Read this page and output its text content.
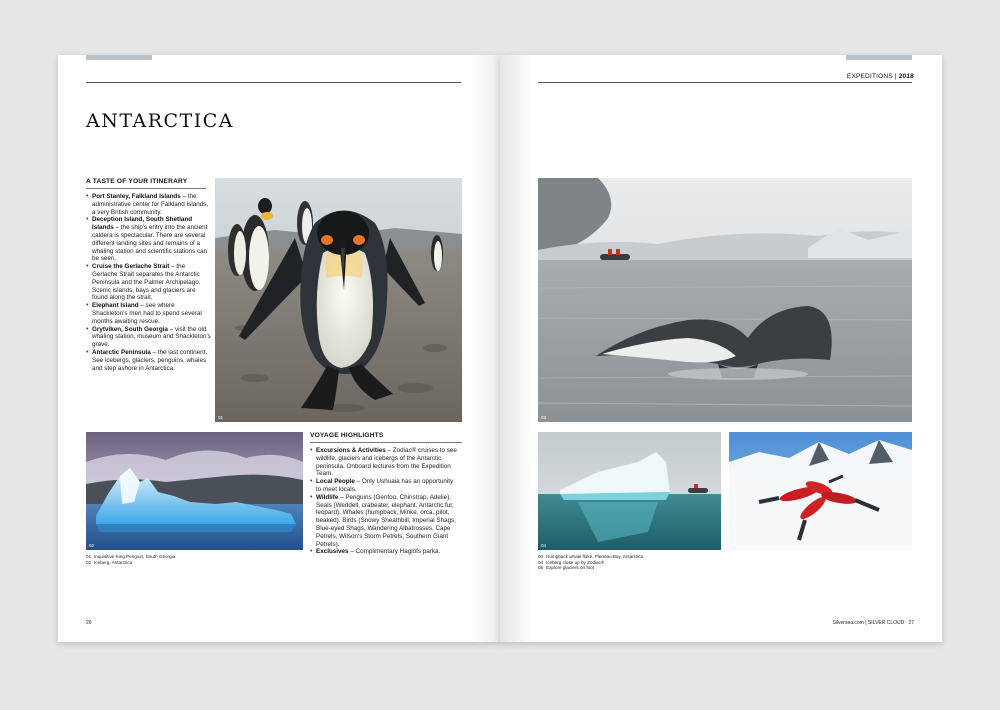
ANTARCTICA
A TASTE OF YOUR ITINERARY
• Port Stanley, Falkland Islands – the administrative center for Falkland Islands, a very British community.
• Deception Island, South Shetland Islands – the ship's entry into the ancient caldera is spectacular. There are several different landing sites and remains of a whaling station and scientific stations can be seen.
• Cruise the Gerlache Strait – the Gerlache Strait separates the Antarctic Peninsula and the Palmer Archipelago. Scenic islands, bays and glaciers are found along the strait.
• Elephant Island – see where Shackleton's men had to spend several months awaiting rescue.
• Grytviken, South Georgia – visit the old whaling station, museum and Shackleton's grave.
• Antarctic Peninsula – the last continent. See icebergs, glaciers, penguins, whales and step ashore in Antarctica.
01
02
VOYAGE HIGHLIGHTS
• Excursions & Activities – Zodiac® cruises to see wildlife, glaciers and icebergs of the Antarctic peninsula. Onboard lectures from the Expedition Team.
• Local People – Only Ushuaia has an opportunity to meet locals.
• Wildlife – Penguins (Gentoo, Chinstrap, Adelie). Seals (Weddell, crabeater, elephant, Antarctic fur, leopard). Whales (humpback, Minke, orca, pilot, beaked). Birds (Snowy Sheathbill, Imperial Shags, Blue-eyed Shags, Wandering Albatrosses, Cape Petrels, Wilson's Storm Petrels, Southern Giant Petrels).
• Exclusives – Complimentary Haglöfs parka.
01 Inquisitive King Penguin, South Georgia
02 Iceberg, Antarctica
26
EXPEDITIONS | 2018
03
04	05
03 Humpback whale fluke, Pleneau Bay, Antarctica
04 Iceberg close up by Zodiac®
05 Explore glaciers on foot
Silversea.com | SILVER CLOUD 27
